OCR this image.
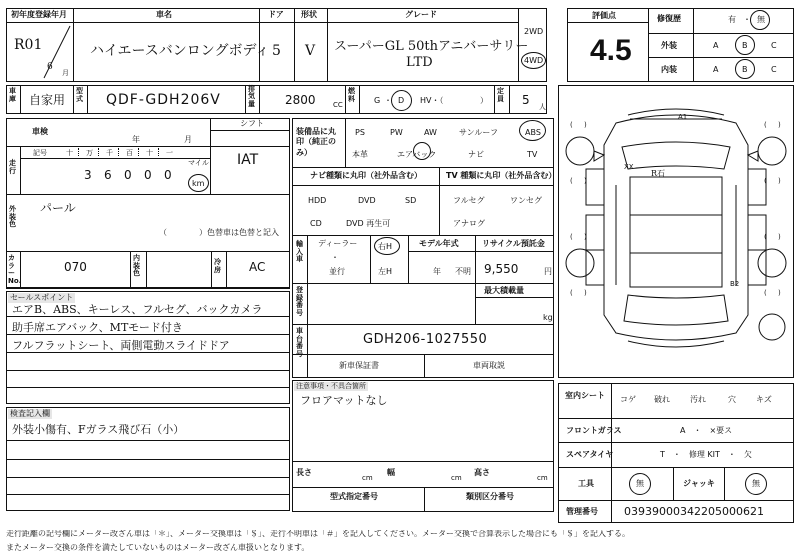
初年度登録年月	車名	ドア 形状	グレード
2WD
4WD
R01
6
月
ハイエースバンロングボディ 5 V スーパーGL 50thアニバーサリー
LTD
評価点
4.5
修復歴	有 ・ 無
外装	A	B	C
内装	A	B	C
車庫 自家用
型式 QDF-GDH206V
排気量	2800 CC
燃料 G ・ D HV・（	）
定員 5 人
車検
年	月
シフト
IAT
走行
記号	十 万 千 百 十 一
3 6 0 0 0
マイル
km
外装色
パール
（　　　　）色替車は色替と記入
カラーNo.
070
内装色
冷房 AC
セールスポイント
エアB、ABS、キーレス、フルセグ、バックカメラ
助手席エアバック、MTモード付き
フルフラットシート、両側電動スライドドア
検査記入欄
外装小傷有、Fガラス飛び石（小）
装備品に丸印（純正のみ）
PS	PW	AW	サンルーフ	ABS
本革	エアバック	ナビ	TV
ナビ種類に丸印（社外品含む）	TV 種類に丸印（社外品含む）
HDD	DVD	SD
CD	DVD 再生可
フルセグ	ワンセグ
アナログ
輸入車
ディーラー
・
並行
右H
左H
モデル年式
年 不明
リサイクル預託金
9,550	円
登録番号
最大積載量
kg
車台番号
GDH206-1027550
新車保証書	車両取説
注意事項・不具合箇所
フロアマットなし
長さ
cm
幅
cm
高さ
cm
型式指定番号	類別区分番号
( )	( )
( )	( )
( )	( )
( )	( )
A1
XX
R石
B2
室内シート コゲ 破れ	汚れ	穴	キズ
フロントガラス	A　・　×要ス
スペアタイヤ	T　・　修理 KIT　・　欠
工具	無	ジャッキ	無
管理番号 03939000342205000621
走行距離の記号欄にメーター改ざん車は「＊」、メーター交換車は「＄」、走行不明車は「＃」を記入してください。メーター交換で合算表示した場合にも「＄」を記入する。
またメーター交換の条件を満たしていないものはメーター改ざん車扱いとなります。
